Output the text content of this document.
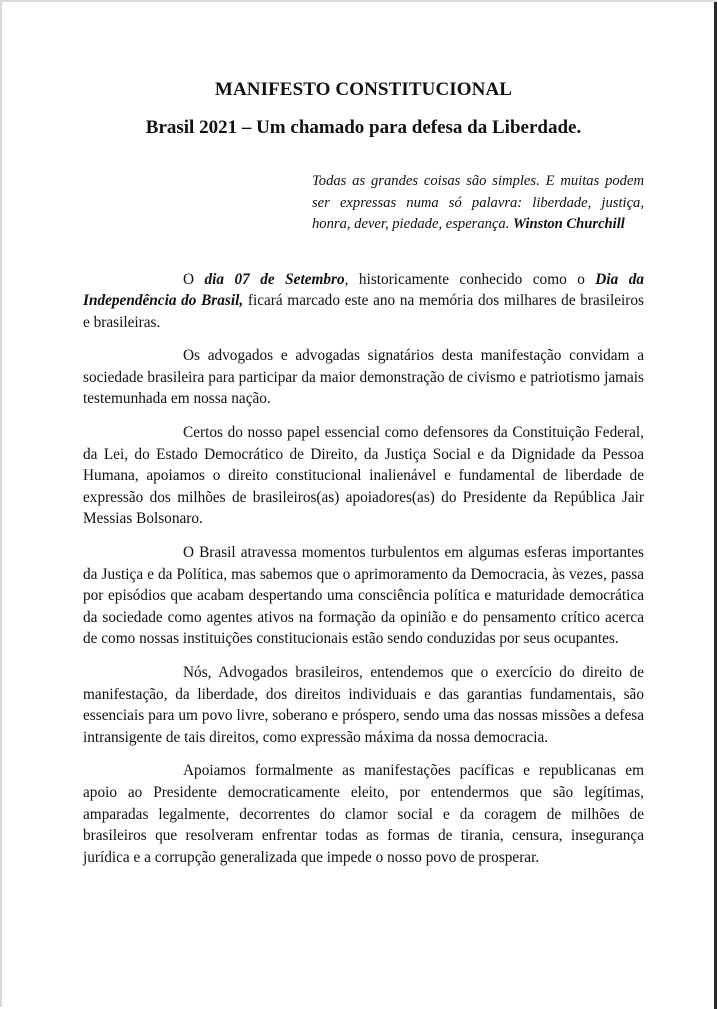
MANIFESTO CONSTITUCIONAL
Brasil 2021 – Um chamado para defesa da Liberdade.
Todas as grandes coisas são simples. E muitas podem ser expressas numa só palavra: liberdade, justiça, honra, dever, piedade, esperança. Winston Churchill

O dia 07 de Setembro, historicamente conhecido como o Dia da Independência do Brasil, ficará marcado este ano na memória dos milhares de brasileiros e brasileiras.

Os advogados e advogadas signatários desta manifestação convidam a sociedade brasileira para participar da maior demonstração de civismo e patriotismo jamais testemunhada em nossa nação.

Certos do nosso papel essencial como defensores da Constituição Federal, da Lei, do Estado Democrático de Direito, da Justiça Social e da Dignidade da Pessoa Humana, apoiamos o direito constitucional inalienável e fundamental de liberdade de expressão dos milhões de brasileiros(as) apoiadores(as) do Presidente da República Jair Messias Bolsonaro.

O Brasil atravessa momentos turbulentos em algumas esferas importantes da Justiça e da Política, mas sabemos que o aprimoramento da Democracia, às vezes, passa por episódios que acabam despertando uma consciência política e maturidade democrática da sociedade como agentes ativos na formação da opinião e do pensamento crítico acerca de como nossas instituições constitucionais estão sendo conduzidas por seus ocupantes.

Nós, Advogados brasileiros, entendemos que o exercício do direito de manifestação, da liberdade, dos direitos individuais e das garantias fundamentais, são essenciais para um povo livre, soberano e próspero, sendo uma das nossas missões a defesa intransigente de tais direitos, como expressão máxima da nossa democracia.

Apoiamos formalmente as manifestações pacíficas e republicanas em apoio ao Presidente democraticamente eleito, por entendermos que são legítimas, amparadas legalmente, decorrentes do clamor social e da coragem de milhões de brasileiros que resolveram enfrentar todas as formas de tirania, censura, insegurança jurídica e a corrupção generalizada que impede o nosso povo de prosperar.
